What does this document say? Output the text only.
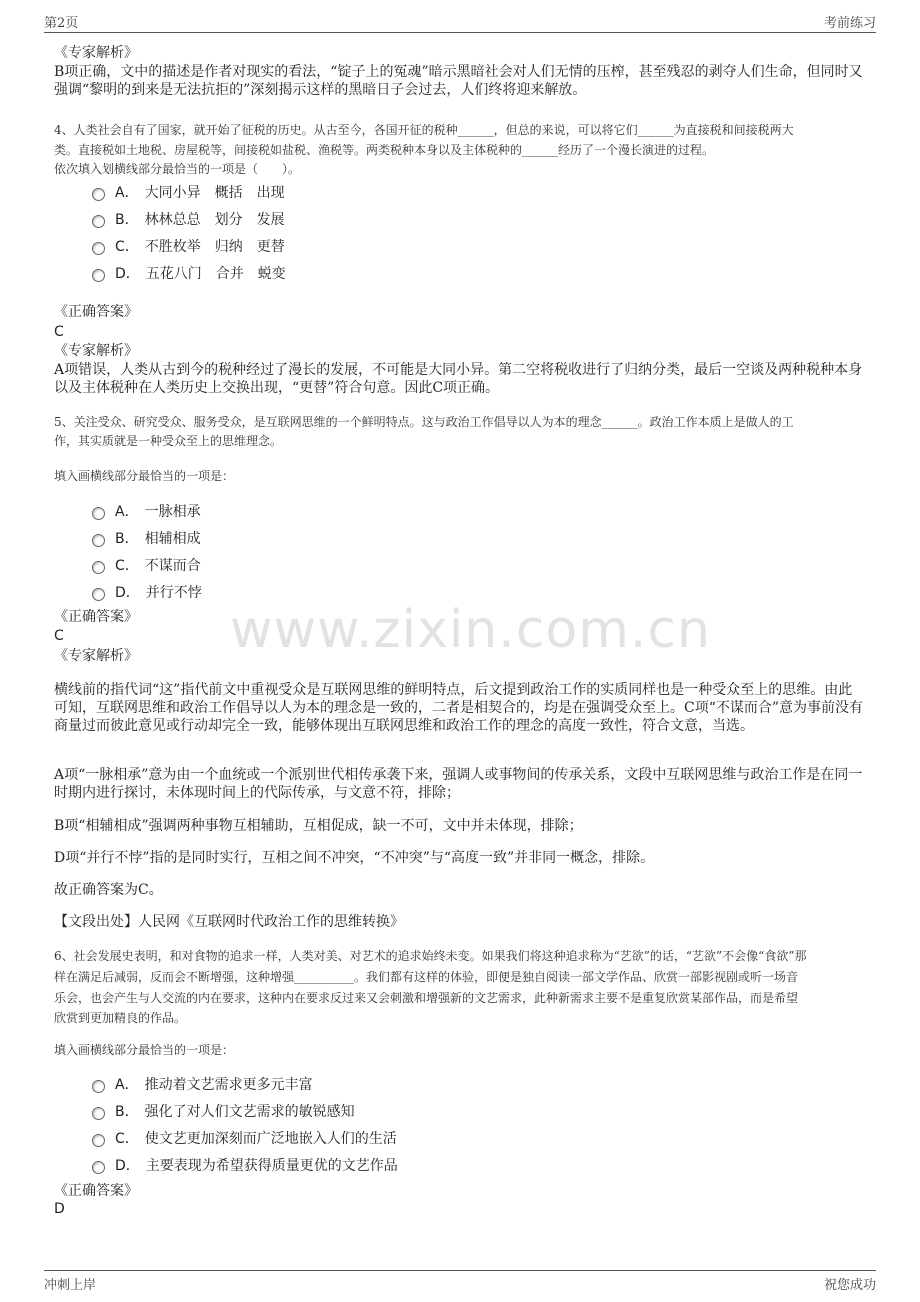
第2页	考前练习
www.zixin.com.cn
《专家解析》
B项正确，文中的描述是作者对现实的看法，“锭子上的冤魂”暗示黑暗社会对人们无情的压榨，甚至残忍的剥夺人们生命，但同时又强调“黎明的到来是无法抗拒的”深刻揭示这样的黑暗日子会过去，人们终将迎来解放。
4、人类社会自有了国家，就开始了征税的历史。从古至今，各国开征的税种______，但总的来说，可以将它们______为直接税和间接税两大
类。直接税如土地税、房屋税等，间接税如盐税、渔税等。两类税种本身以及主体税种的______经历了一个漫长演进的过程。
依次填入划横线部分最恰当的一项是（　　）。
A． 大同小异　概括　出现
B． 林林总总　划分　发展
C． 不胜枚举　归纳　更替
D． 五花八门　合并　蜕变
《正确答案》
C
《专家解析》
A项错误，人类从古到今的税种经过了漫长的发展，不可能是大同小异。第二空将税收进行了归纳分类，最后一空谈及两种税种本身以及主体税种在人类历史上交换出现，“更替”符合句意。因此C项正确。
5、关注受众、研究受众、服务受众，是互联网思维的一个鲜明特点。这与政治工作倡导以人为本的理念______。政治工作本质上是做人的工
作，其实质就是一种受众至上的思维理念。
填入画横线部分最恰当的一项是：
A． 一脉相承
B． 相辅相成
C． 不谋而合
D． 并行不悖
《正确答案》
C
《专家解析》
横线前的指代词“这”指代前文中重视受众是互联网思维的鲜明特点，后文提到政治工作的实质同样也是一种受众至上的思维。由此可知，互联网思维和政治工作倡导以人为本的理念是一致的，二者是相契合的，均是在强调受众至上。C项“不谋而合”意为事前没有商量过而彼此意见或行动却完全一致，能够体现出互联网思维和政治工作的理念的高度一致性，符合文意，当选。
A项“一脉相承”意为由一个血统或一个派别世代相传承袭下来，强调人或事物间的传承关系，文段中互联网思维与政治工作是在同一时期内进行探讨，未体现时间上的代际传承，与文意不符，排除；
B项“相辅相成”强调两种事物互相辅助，互相促成，缺一不可，文中并未体现，排除；
D项“并行不悖”指的是同时实行，互相之间不冲突，“不冲突”与“高度一致”并非同一概念，排除。
故正确答案为C。
【文段出处】人民网《互联网时代政治工作的思维转换》
6、社会发展史表明，和对食物的追求一样，人类对美、对艺术的追求始终未变。如果我们将这种追求称为“艺欲”的话，“艺欲”不会像“食欲”那
样在满足后减弱，反而会不断增强，这种增强__________。我们都有这样的体验，即便是独自阅读一部文学作品、欣赏一部影视剧或听一场音
乐会，也会产生与人交流的内在要求，这种内在要求反过来又会刺激和增强新的文艺需求，此种新需求主要不是重复欣赏某部作品，而是希望
欣赏到更加精良的作品。
填入画横线部分最恰当的一项是：
A． 推动着文艺需求更多元丰富
B． 强化了对人们文艺需求的敏锐感知
C． 使文艺更加深刻而广泛地嵌入人们的生活
D． 主要表现为希望获得质量更优的文艺作品
《正确答案》
D
冲刺上岸	祝您成功
